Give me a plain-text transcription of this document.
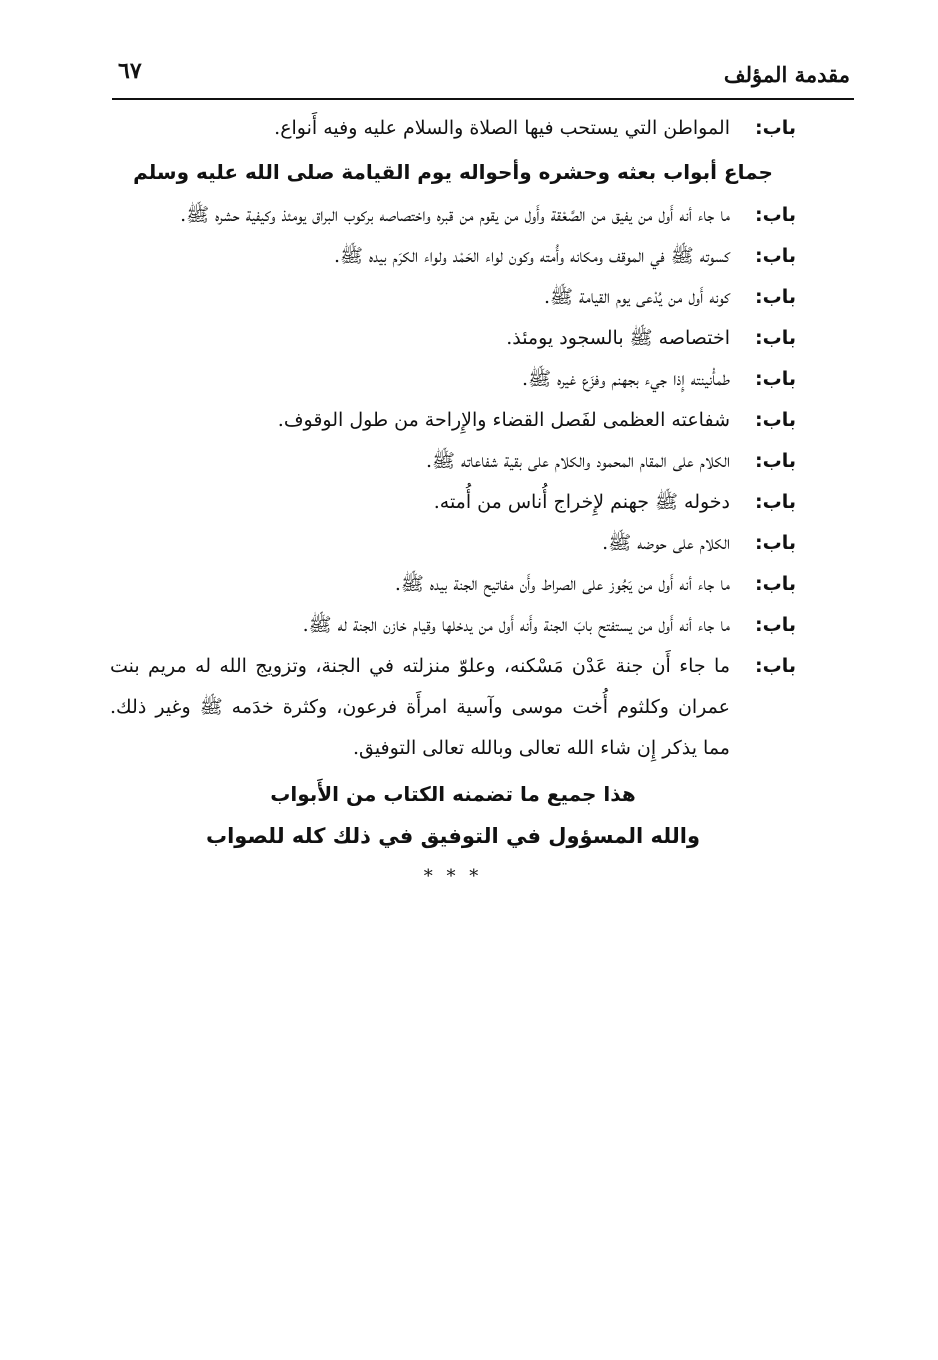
مقدمة المؤلف
٦٧
باب:
المواطن التي يستحب فيها الصلاة والسلام عليه وفيه أَنواع.
جماع أبواب بعثه وحشره وأحواله يوم القيامة صلى الله عليه وسلم
باب:
ما جاء أنه أَول من يفيق من الصَّعْقة وأَول من يقوم من قبره واختصاصه بركوب البراق يومئذ وكيفية حشره ﷺ.
باب:
كسوته ﷺ في الموقف ومكانه وأُمته وكون لواء الحَمْد ولواء الكرَم بيده ﷺ.
باب:
كونه أَول من يُدْعى يوم القيامة ﷺ.
باب:
اختصاصه ﷺ بالسجود يومئذ.
باب:
طمأْنينته إِذا جيء بجهنم وفزَع غيره ﷺ.
باب:
شفاعته العظمى لفَصل القضاء والإِراحة من طول الوقوف.
باب:
الكلام على المقام المحمود والكلام على بقية شفاعاته ﷺ.
باب:
دخوله ﷺ جهنم لإِخراج أُناس من أُمته.
باب:
الكلام على حوضه ﷺ.
باب:
ما جاء أنه أَول من يَجُوز على الصراط وأَن مفاتيح الجنة بيده ﷺ.
باب:
ما جاء أنه أَول من يستفتح بابَ الجنة وأَنه أَول من يدخلها وقيام خازن الجنة له ﷺ.
باب:
ما جاء أَن جنة عَدْن مَسْكنه، وعلوّ منزلته في الجنة، وتزويج الله له مريم بنت عمران وكلثوم أُخت موسى وآسية امرأَة فرعون، وكثرة خدَمه ﷺ وغير ذلك. مما يذكر إِن شاء الله تعالى وبالله تعالى التوفيق.
هذا جميع ما تضمنه الكتاب من الأَبواب
والله المسؤول في التوفيق في ذلك كله للصواب
* * *
